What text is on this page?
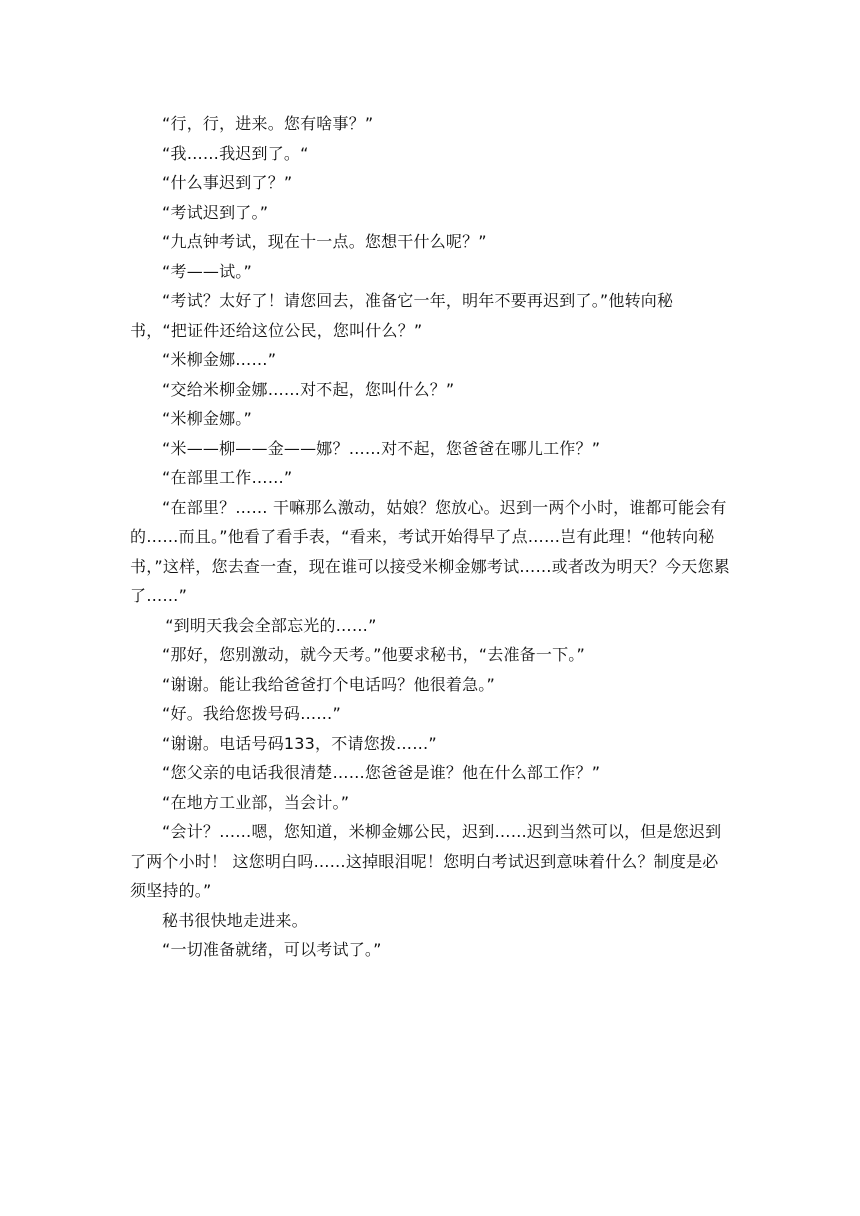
“行，行，进来。您有啥事？”

“我……我迟到了。“

“什么事迟到了？”

“考试迟到了。”

“九点钟考试，现在十一点。您想干什么呢？”

“考——试。”

“考试？太好了！请您回去，准备它一年，明年不要再迟到了。”他转向秘书，“把证件还给这位公民，您叫什么？”

“米柳金娜……”

“交给米柳金娜……对不起，您叫什么？”

“米柳金娜。”

“米——柳——金——娜？……对不起，您爸爸在哪儿工作？”

“在部里工作……”

“在部里？…… 干嘛那么激动，姑娘？您放心。迟到一两个小时，谁都可能会有的……而且。”他看了看手表，“看来，考试开始得早了点……岂有此理！“他转向秘书，”这样，您去查一查，现在谁可以接受米柳金娜考试……或者改为明天？今天您累了……”

“到明天我会全部忘光的……”

“那好，您别激动，就今天考。”他要求秘书，“去准备一下。”

“谢谢。能让我给爸爸打个电话吗？他很着急。”

“好。我给您拨号码……”

“谢谢。电话号码133，不请您拨……”

“您父亲的电话我很清楚……您爸爸是谁？他在什么部工作？”

“在地方工业部，当会计。”

“会计？……嗯，您知道，米柳金娜公民，迟到……迟到当然可以，但是您迟到了两个小时！ 这您明白吗……这掉眼泪呢！您明白考试迟到意味着什么？制度是必须坚持的。”

秘书很快地走进来。

“一切准备就绪，可以考试了。”
